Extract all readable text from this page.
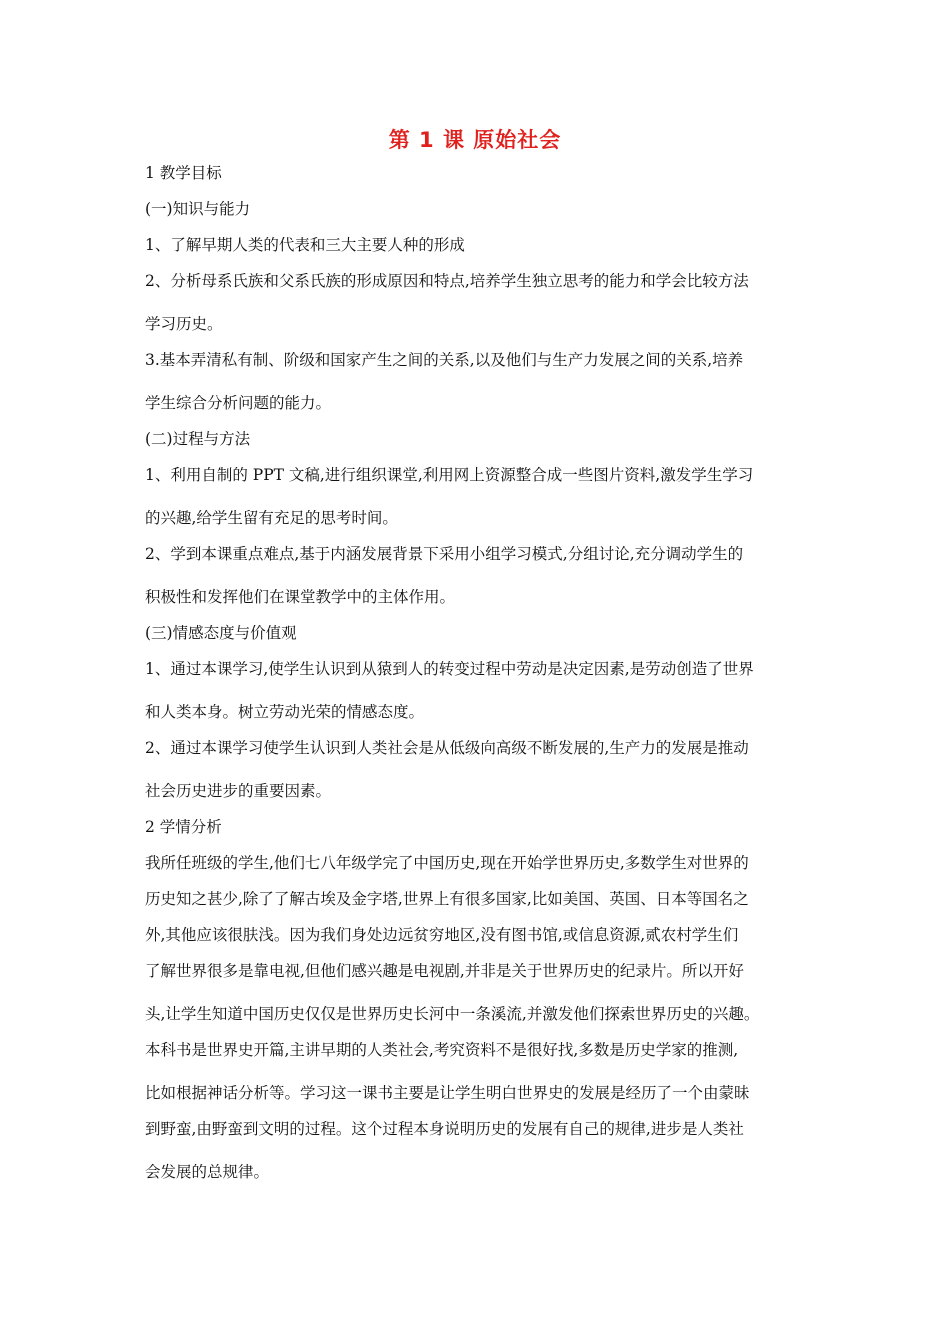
第 1 课 原始社会
1 教学目标
(一)知识与能力
1、了解早期人类的代表和三大主要人种的形成
2、分析母系氏族和父系氏族的形成原因和特点,培养学生独立思考的能力和学会比较方法
学习历史。
3.基本弄清私有制、阶级和国家产生之间的关系,以及他们与生产力发展之间的关系,培养
学生综合分析问题的能力。
(二)过程与方法
1、利用自制的 PPT 文稿,进行组织课堂,利用网上资源整合成一些图片资料,激发学生学习
的兴趣,给学生留有充足的思考时间。
2、学到本课重点难点,基于内涵发展背景下采用小组学习模式,分组讨论,充分调动学生的
积极性和发挥他们在课堂教学中的主体作用。
(三)情感态度与价值观
1、通过本课学习,使学生认识到从猿到人的转变过程中劳动是决定因素,是劳动创造了世界
和人类本身。树立劳动光荣的情感态度。
2、通过本课学习使学生认识到人类社会是从低级向高级不断发展的,生产力的发展是推动
社会历史进步的重要因素。
2 学情分析
我所任班级的学生,他们七八年级学完了中国历史,现在开始学世界历史,多数学生对世界的
历史知之甚少,除了了解古埃及金字塔,世界上有很多国家,比如美国、英国、日本等国名之
外,其他应该很肤浅。因为我们身处边远贫穷地区,没有图书馆,或信息资源,贰农村学生们
了解世界很多是靠电视,但他们感兴趣是电视剧,并非是关于世界历史的纪录片。所以开好
头,让学生知道中国历史仅仅是世界历史长河中一条溪流,并激发他们探索世界历史的兴趣。
本科书是世界史开篇,主讲早期的人类社会,考究资料不是很好找,多数是历史学家的推测,
比如根据神话分析等。学习这一课书主要是让学生明白世界史的发展是经历了一个由蒙昧
到野蛮,由野蛮到文明的过程。这个过程本身说明历史的发展有自己的规律,进步是人类社
会发展的总规律。
